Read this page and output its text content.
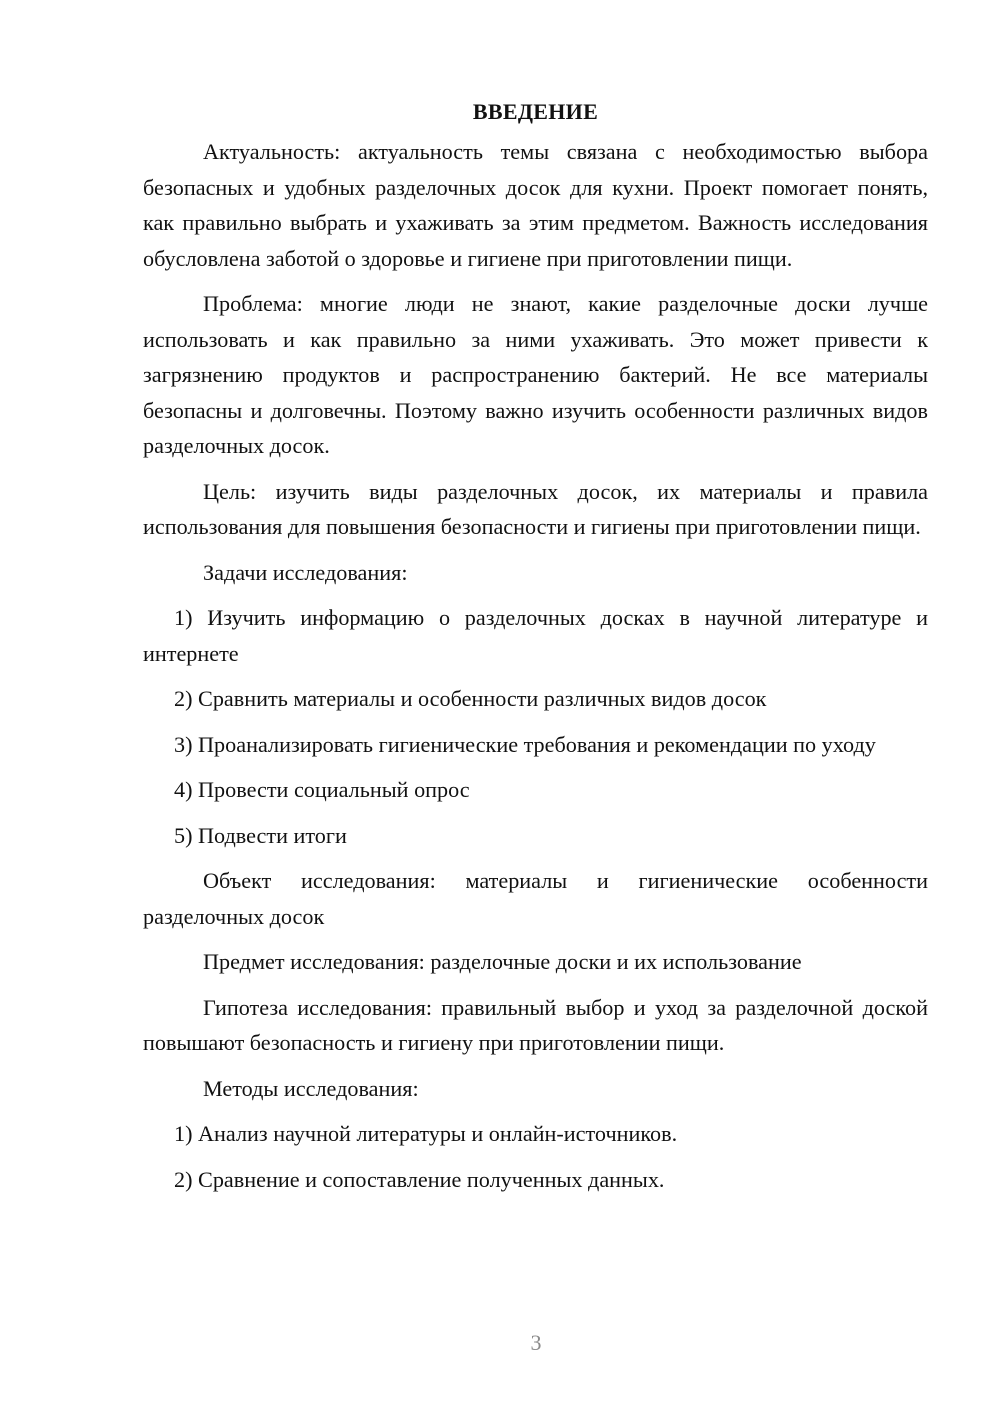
ВВЕДЕНИЕ

Актуальность: актуальность темы связана с необходимостью выбора безопасных и удобных разделочных досок для кухни. Проект помогает понять, как правильно выбрать и ухаживать за этим предметом. Важность исследования обусловлена заботой о здоровье и гигиене при приготовлении пищи.

Проблема: многие люди не знают, какие разделочные доски лучше использовать и как правильно за ними ухаживать. Это может привести к загрязнению продуктов и распространению бактерий. Не все материалы безопасны и долговечны. Поэтому важно изучить особенности различных видов разделочных досок.

Цель: изучить виды разделочных досок, их материалы и правила использования для повышения безопасности и гигиены при приготовлении пищи.

Задачи исследования:

1) Изучить информацию о разделочных досках в научной литературе и интернете

2) Сравнить материалы и особенности различных видов досок

3) Проанализировать гигиенические требования и рекомендации по уходу

4) Провести социальный опрос

5) Подвести итоги

Объект исследования: материалы и гигиенические особенности разделочных досок

Предмет исследования: разделочные доски и их использование

Гипотеза исследования: правильный выбор и уход за разделочной доской повышают безопасность и гигиену при приготовлении пищи.

Методы исследования:

1) Анализ научной литературы и онлайн-источников.

2) Сравнение и сопоставление полученных данных.

3
